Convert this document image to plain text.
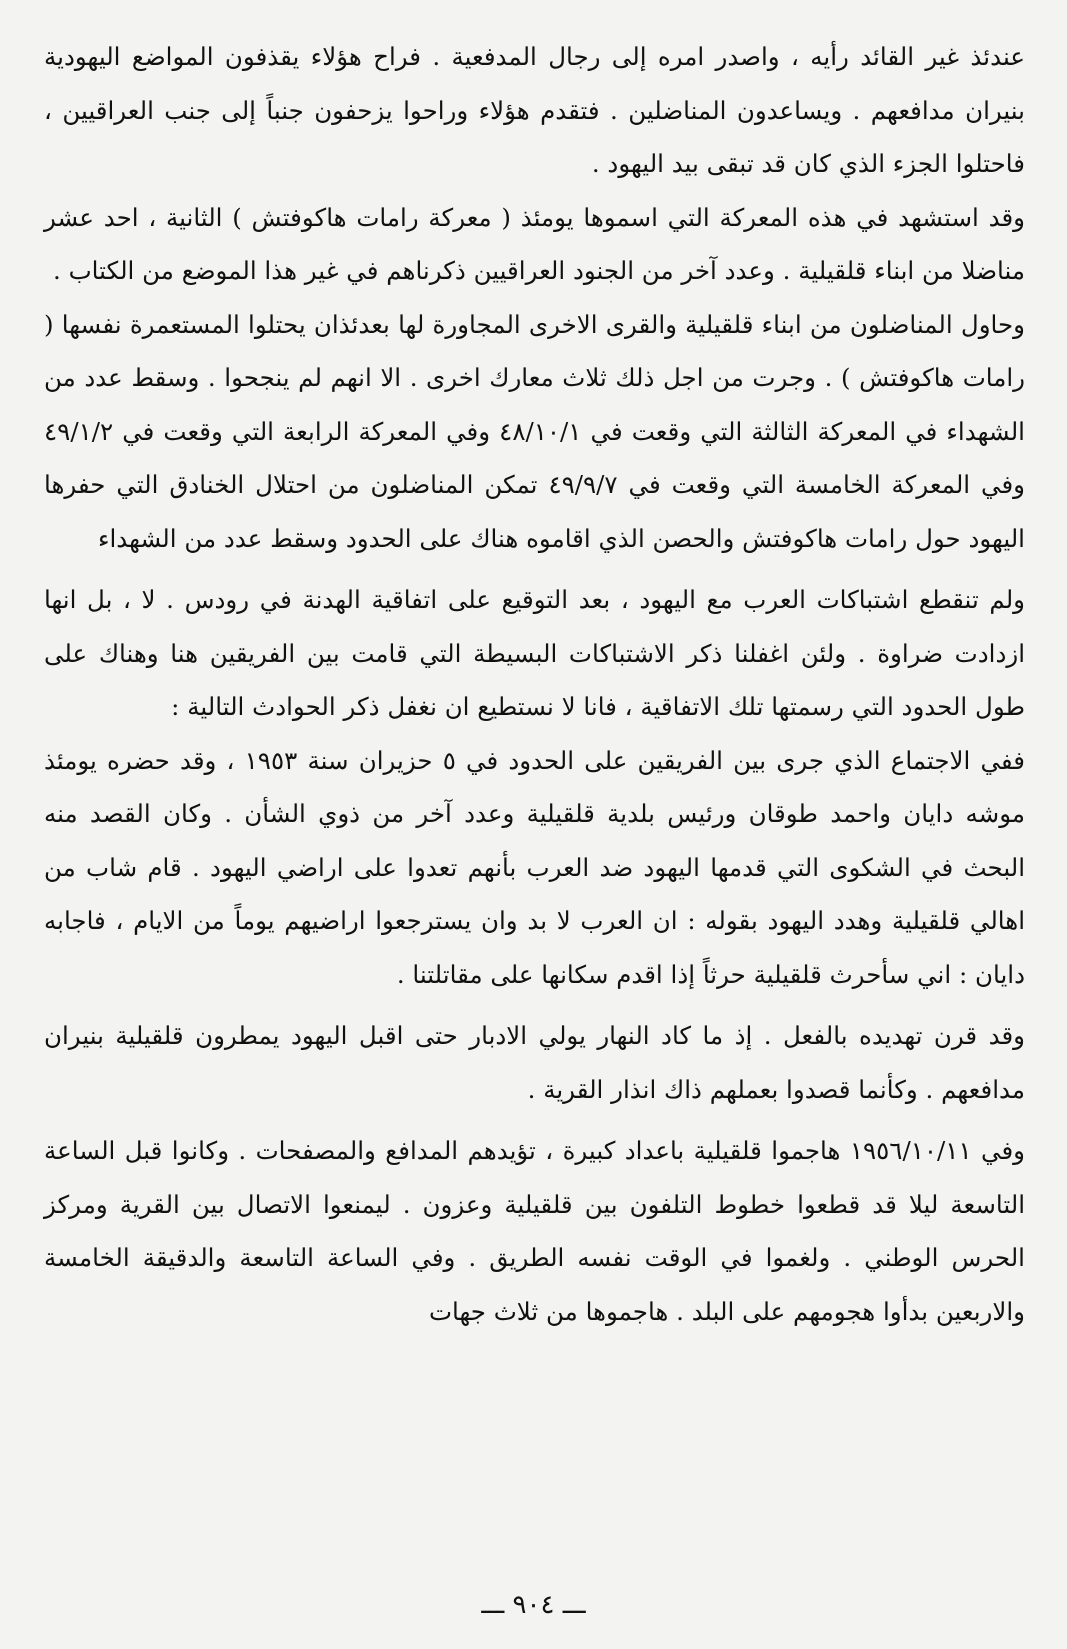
عندئذ غير القائد رأيه ، واصدر امره إلى رجال المدفعية . فراح هؤلاء يقذفون المواضع اليهودية بنيران مدافعهم . ويساعدون المناضلين . فتقدم هؤلاء وراحوا يزحفون جنباً إلى جنب العراقيين ، فاحتلوا الجزء الذي كان قد تبقى بيد اليهود .

وقد استشهد في هذه المعركة التي اسموها يومئذ ( معركة رامات هاكوفتش ) الثانية ، احد عشر مناضلا من ابناء قلقيلية . وعدد آخر من الجنود العراقيين ذكرناهم في غير هذا الموضع من الكتاب .

وحاول المناضلون من ابناء قلقيلية والقرى الاخرى المجاورة لها بعدئذان يحتلوا المستعمرة نفسها ( رامات هاكوفتش ) . وجرت من اجل ذلك ثلاث معارك اخرى . الا انهم لم ينجحوا . وسقط عدد من الشهداء في المعركة الثالثة التي وقعت في ٤٨/١٠/١ وفي المعركة الرابعة التي وقعت في ٤٩/١/٢ وفي المعركة الخامسة التي وقعت في ٤٩/٩/٧ تمكن المناضلون من احتلال الخنادق التي حفرها اليهود حول رامات هاكوفتش والحصن الذي اقاموه هناك على الحدود وسقط عدد من الشهداء

ولم تنقطع اشتباكات العرب مع اليهود ، بعد التوقيع على اتفاقية الهدنة في رودس . لا ، بل انها ازدادت ضراوة . ولئن اغفلنا ذكر الاشتباكات البسيطة التي قامت بين الفريقين هنا وهناك على طول الحدود التي رسمتها تلك الاتفاقية ، فانا لا نستطيع ان نغفل ذكر الحوادث التالية :

ففي الاجتماع الذي جرى بين الفريقين على الحدود في ٥ حزيران سنة ١٩٥٣ ، وقد حضره يومئذ موشه دايان واحمد طوقان ورئيس بلدية قلقيلية وعدد آخر من ذوي الشأن . وكان القصد منه البحث في الشكوى التي قدمها اليهود ضد العرب بأنهم تعدوا على اراضي اليهود . قام شاب من اهالي قلقيلية وهدد اليهود بقوله : ان العرب لا بد وان يسترجعوا اراضيهم يوماً من الايام ، فاجابه دايان : اني سأحرث قلقيلية حرثاً إذا اقدم سكانها على مقاتلتنا .

وقد قرن تهديده بالفعل . إذ ما كاد النهار يولي الادبار حتى اقبل اليهود يمطرون قلقيلية بنيران مدافعهم . وكأنما قصدوا بعملهم ذاك انذار القرية .

وفي ١٩٥٦/١٠/١١ هاجموا قلقيلية باعداد كبيرة ، تؤيدهم المدافع والمصفحات . وكانوا قبل الساعة التاسعة ليلا قد قطعوا خطوط التلفون بين قلقيلية وعزون . ليمنعوا الاتصال بين القرية ومركز الحرس الوطني . ولغموا في الوقت نفسه الطريق . وفي الساعة التاسعة والدقيقة الخامسة والاربعين بدأوا هجومهم على البلد . هاجموها من ثلاث جهات

ـــ ٩٠٤ ـــ
